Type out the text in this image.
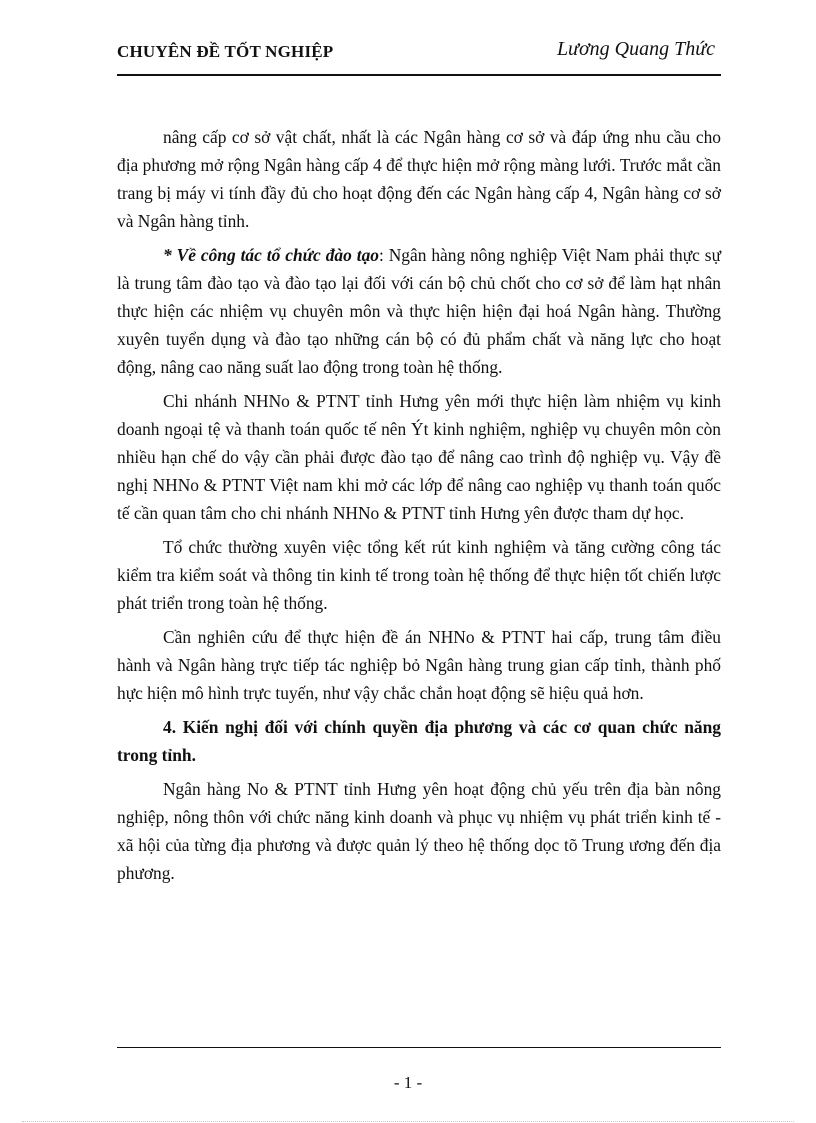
CHUYÊN ĐỀ TỐT NGHIỆP	Lương Quang Thức

nâng cấp cơ sở vật chất, nhất là các Ngân hàng cơ sở và đáp ứng nhu cầu cho địa phương mở rộng Ngân hàng cấp 4 để thực hiện mở rộng màng lưới. Trước mắt cần trang bị máy vi tính đầy đủ cho hoạt động đến các Ngân hàng cấp 4, Ngân hàng cơ sở và Ngân hàng tỉnh.

* Về công tác tổ chức đào tạo: Ngân hàng nông nghiệp Việt Nam phải thực sự là trung tâm đào tạo và đào tạo lại đối với cán bộ chủ chốt cho cơ sở để làm hạt nhân thực hiện các nhiệm vụ chuyên môn và thực hiện hiện đại hoá Ngân hàng. Thường xuyên tuyển dụng và đào tạo những cán bộ có đủ phẩm chất và năng lực cho hoạt động, nâng cao năng suất lao động trong toàn hệ thống.

Chi nhánh NHNo & PTNT tỉnh Hưng yên mới thực hiện làm nhiệm vụ kinh doanh ngoại tệ và thanh toán quốc tế nên Ýt kinh nghiệm, nghiệp vụ chuyên môn còn nhiều hạn chế do vậy cần phải được đào tạo để nâng cao trình độ nghiệp vụ. Vậy đề nghị NHNo & PTNT Việt nam khi mở các lớp để nâng cao nghiệp vụ thanh toán quốc tế cần quan tâm cho chi nhánh NHNo & PTNT tỉnh Hưng yên được tham dự học.

Tổ chức thường xuyên việc tổng kết rút kinh nghiệm và tăng cường công tác kiểm tra kiểm soát và thông tin kinh tế trong toàn hệ thống để thực hiện tốt chiến lược phát triển trong toàn hệ thống.

Cần nghiên cứu để thực hiện đề án NHNo & PTNT hai cấp, trung tâm điều hành và Ngân hàng trực tiếp tác nghiệp bỏ Ngân hàng trung gian cấp tỉnh, thành phố hực hiện mô hình trực tuyến, như vậy chắc chắn hoạt động sẽ hiệu quả hơn.

4. Kiến nghị đối với chính quyền địa phương và các cơ quan chức năng trong tỉnh.

Ngân hàng No & PTNT tỉnh Hưng yên hoạt động chủ yếu trên địa bàn nông nghiệp, nông thôn với chức năng kinh doanh và phục vụ nhiệm vụ phát triển kinh tế - xã hội của từng địa phương và được quản lý theo hệ thống dọc tõ Trung ương đến địa phương.

- 1 -
